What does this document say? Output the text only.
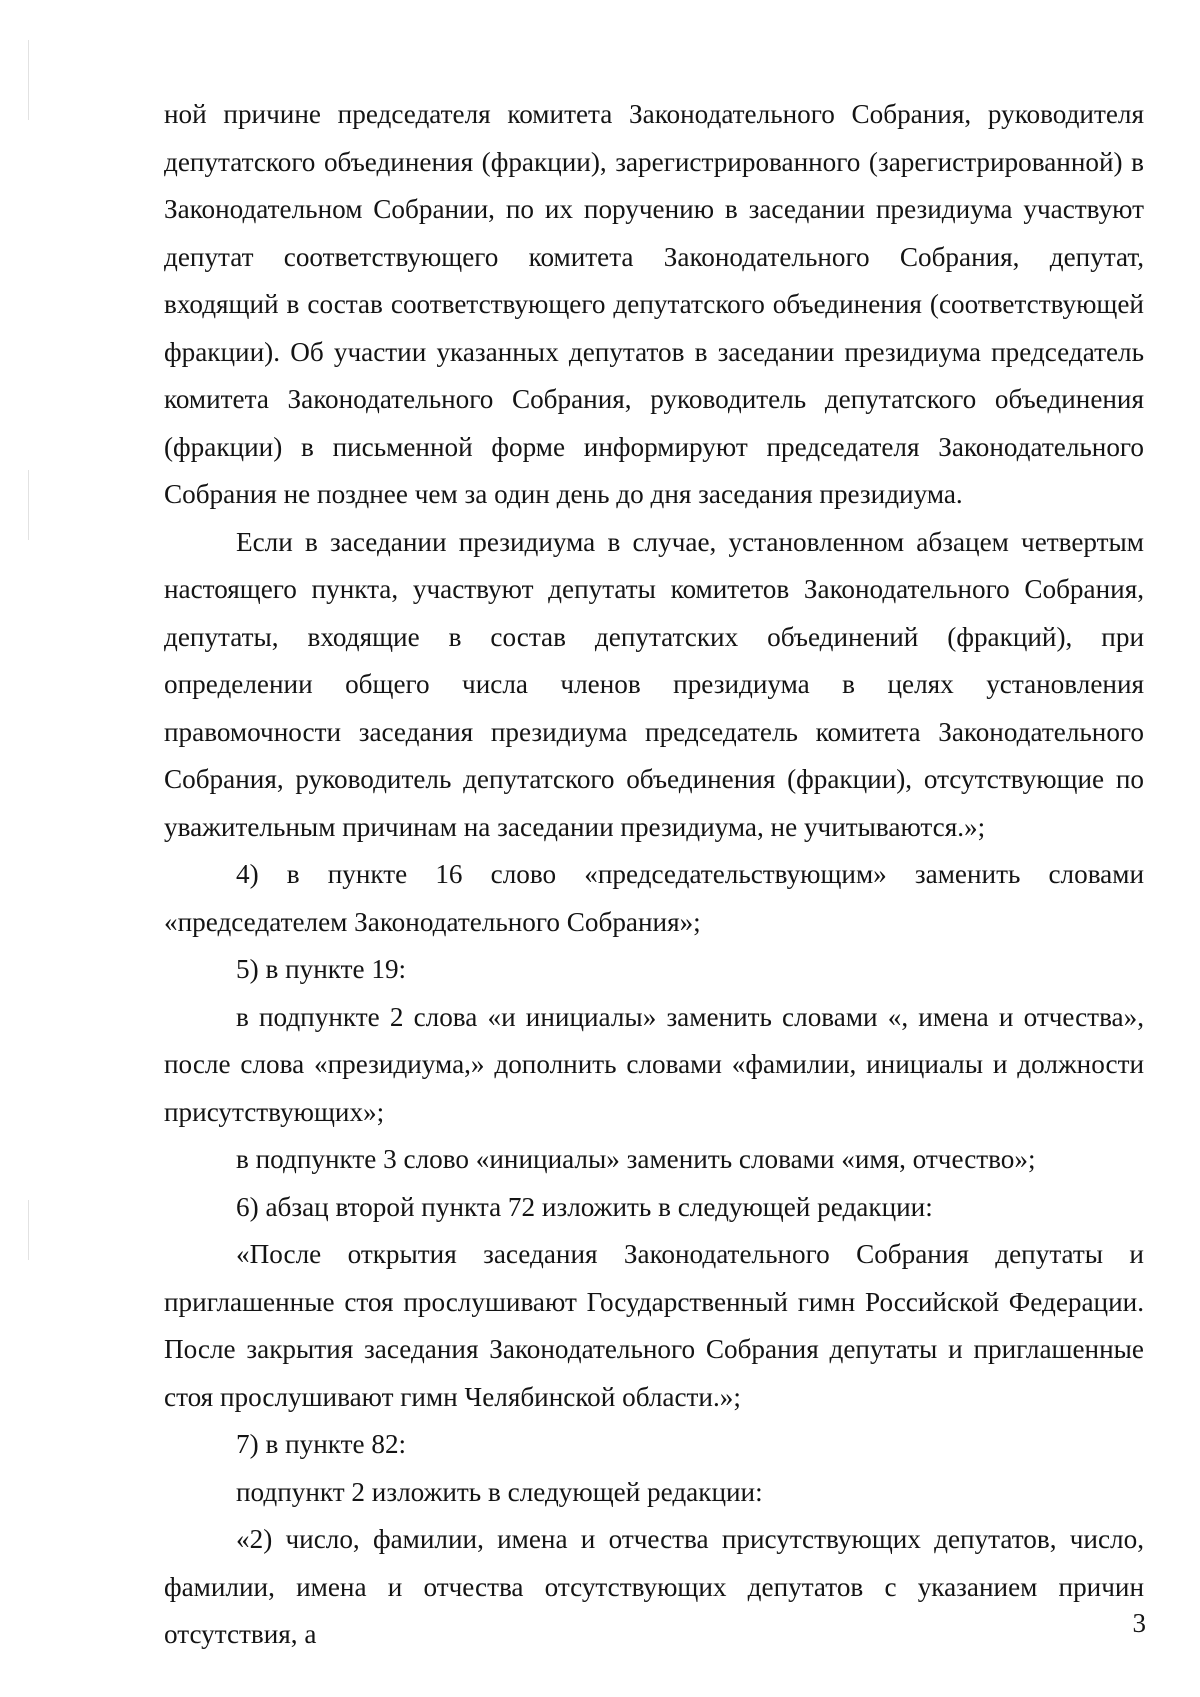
ной причине председателя комитета Законодательного Собрания, руководителя депутатского объединения (фракции), зарегистрированного (зарегистрированной) в Законодательном Собрании, по их поручению в заседании президиума участвуют депутат соответствующего комитета Законодательного Собрания, депутат, входящий в состав соответствующего депутатского объединения (соответствующей фракции). Об участии указанных депутатов в заседании президиума председатель комитета Законодательного Собрания, руководитель депутатского объединения (фракции) в письменной форме информируют председателя Законодательного Собрания не позднее чем за один день до дня заседания президиума.

Если в заседании президиума в случае, установленном абзацем четвертым настоящего пункта, участвуют депутаты комитетов Законодательного Собрания, депутаты, входящие в состав депутатских объединений (фракций), при определении общего числа членов президиума в целях установления правомочности заседания президиума председатель комитета Законодательного Собрания, руководитель депутатского объединения (фракции), отсутствующие по уважительным причинам на заседании президиума, не учитываются.»;

4) в пункте 16 слово «председательствующим» заменить словами «председателем Законодательного Собрания»;

5) в пункте 19:

в подпункте 2 слова «и инициалы» заменить словами «, имена и отчества», после слова «президиума,» дополнить словами «фамилии, инициалы и должности присутствующих»;

в подпункте 3 слово «инициалы» заменить словами «имя, отчество»;

6) абзац второй пункта 72 изложить в следующей редакции:

«После открытия заседания Законодательного Собрания депутаты и приглашенные стоя прослушивают Государственный гимн Российской Федерации. После закрытия заседания Законодательного Собрания депутаты и приглашенные стоя прослушивают гимн Челябинской области.»;

7) в пункте 82:

подпункт 2 изложить в следующей редакции:

«2) число, фамилии, имена и отчества присутствующих депутатов, число, фамилии, имена и отчества отсутствующих депутатов с указанием причин отсутствия, а	3
